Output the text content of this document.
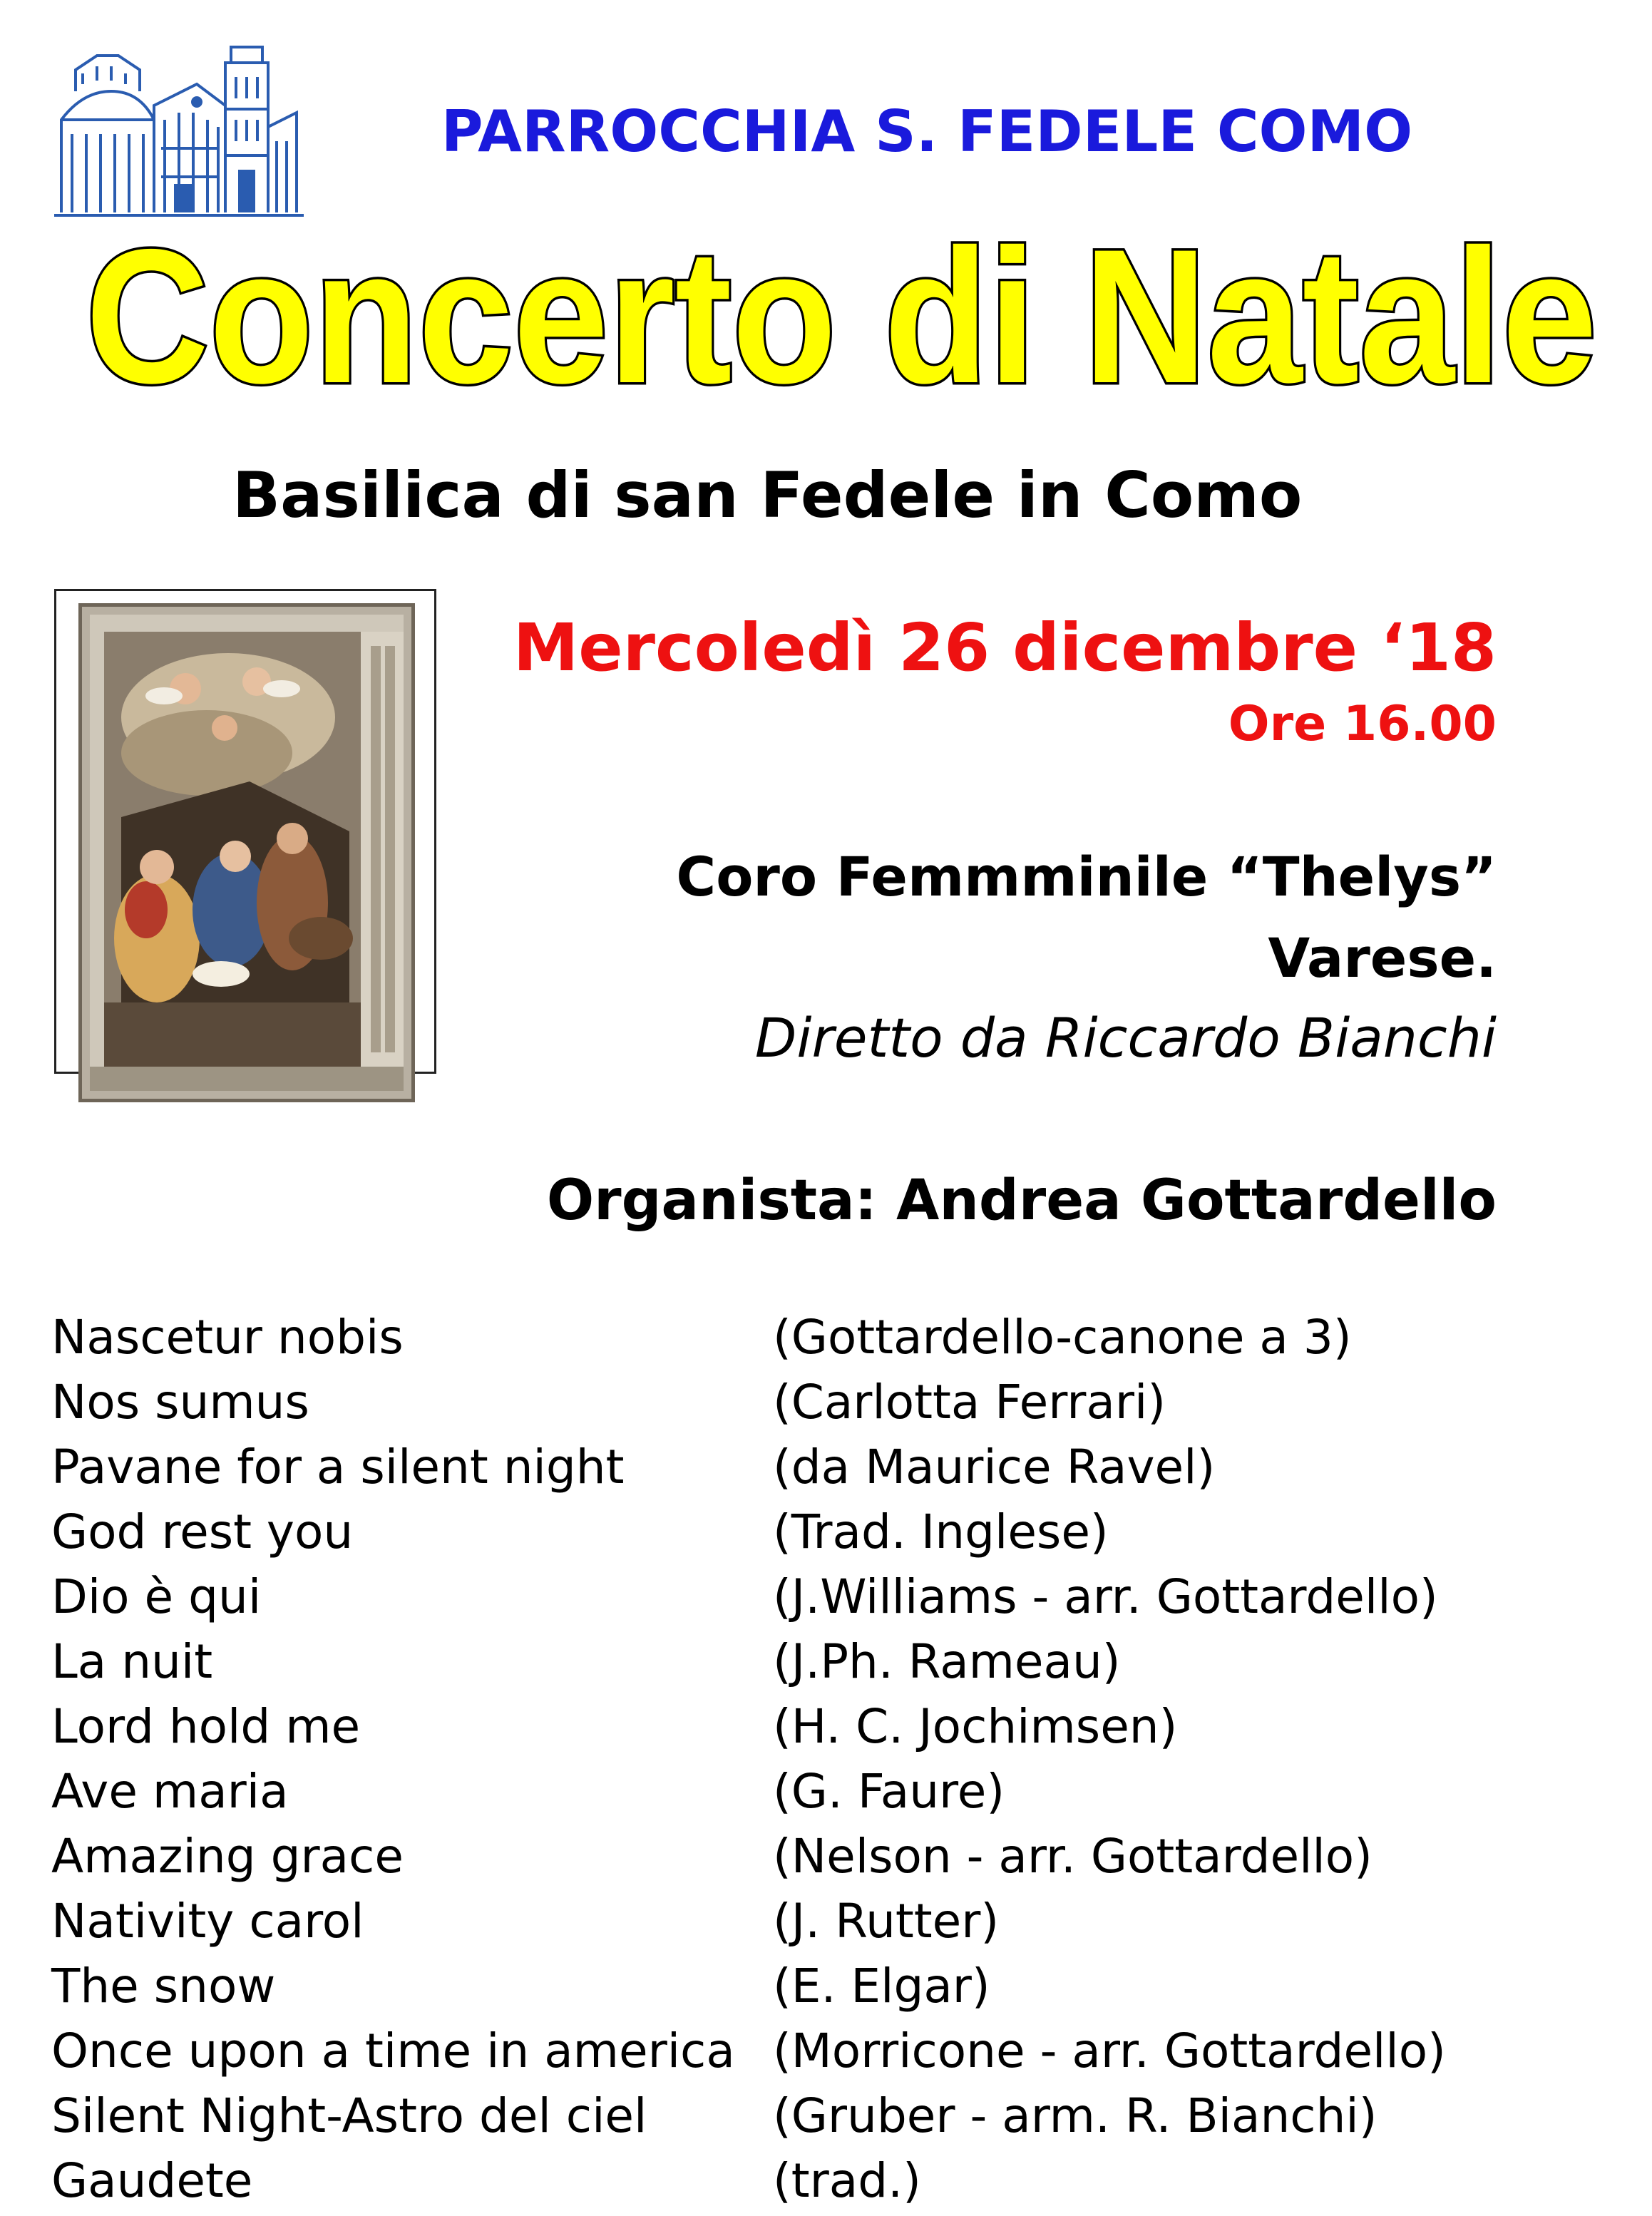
PARROCCHIA S. FEDELE COMO
Concerto di Natale
Basilica di san Fedele in Como
Mercoledì 26 dicembre ‘18
Ore 16.00
Coro Femmminile “Thelys”
Varese.
Diretto da Riccardo Bianchi
Organista: Andrea Gottardello
Nascetur nobis	(Gottardello-canone a 3)
Nos sumus	(Carlotta Ferrari)
Pavane for a silent night	(da Maurice Ravel)
God rest you	(Trad. Inglese)
Dio è qui	(J.Williams - arr. Gottardello)
La nuit	(J.Ph. Rameau)
Lord hold me	(H. C. Jochimsen)
Ave maria	(G. Faure)
Amazing grace	(Nelson - arr. Gottardello)
Nativity carol	(J. Rutter)
The snow	(E. Elgar)
Once upon a time in america (Morricone - arr. Gottardello)
Silent Night-Astro del ciel	(Gruber - arm. R. Bianchi)
Gaudete	(trad.)
